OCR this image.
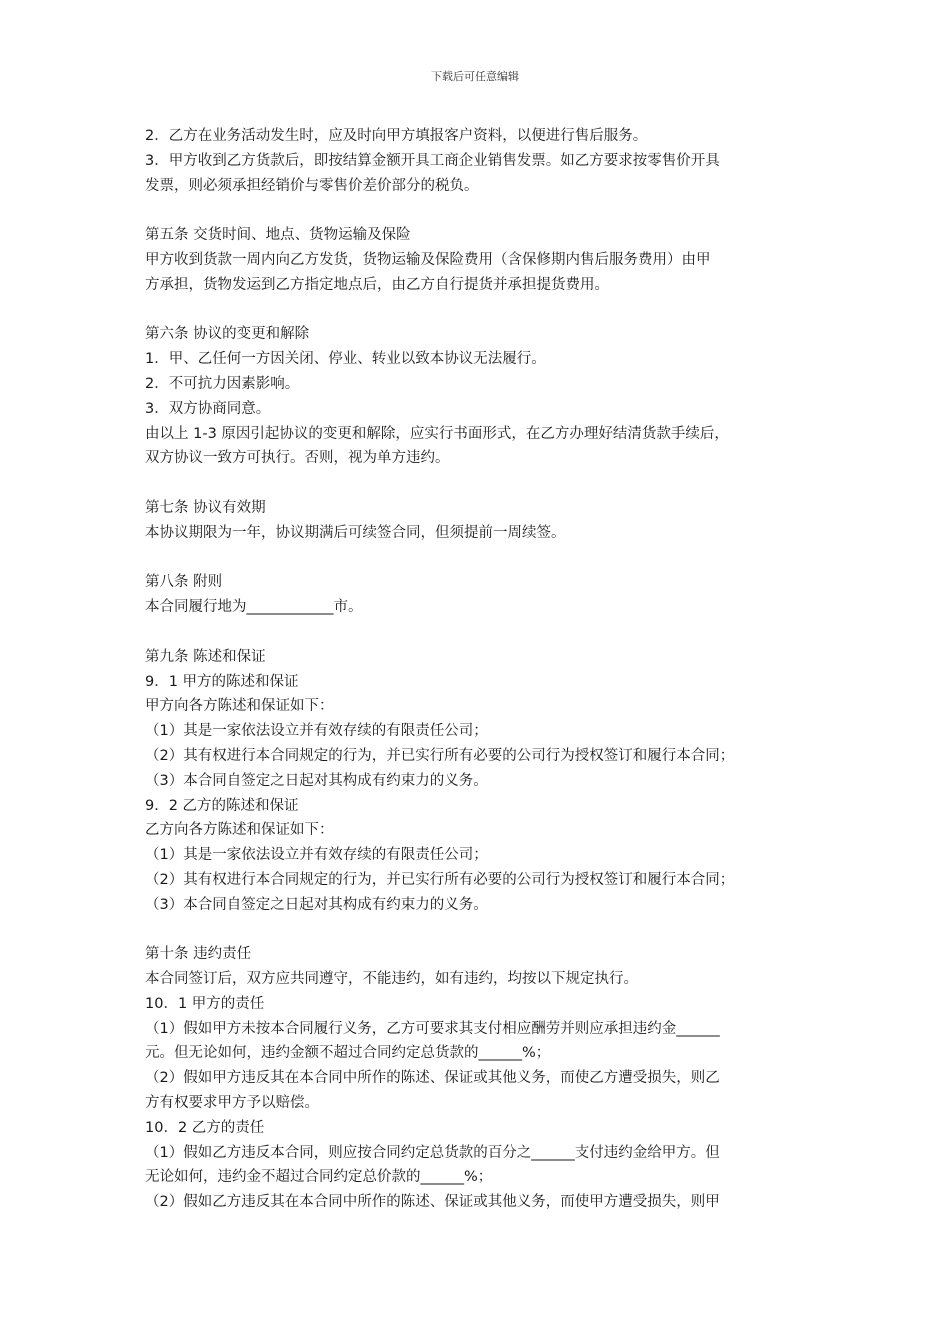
下载后可任意编辑

2．乙方在业务活动发生时，应及时向甲方填报客户资料，以便进行售后服务。

3．甲方收到乙方货款后，即按结算金额开具工商企业销售发票。如乙方要求按零售价开具

发票，则必须承担经销价与零售价差价部分的税负。

第五条 交货时间、地点、货物运输及保险

甲方收到货款一周内向乙方发货，货物运输及保险费用（含保修期内售后服务费用）由甲

方承担，货物发运到乙方指定地点后，由乙方自行提货并承担提货费用。

第六条 协议的变更和解除

1．甲、乙任何一方因关闭、停业、转业以致本协议无法履行。

2．不可抗力因素影响。

3．双方协商同意。

由以上 1-3 原因引起协议的变更和解除，应实行书面形式，在乙方办理好结清货款手续后，

双方协议一致方可执行。否则，视为单方违约。

第七条 协议有效期

本协议期限为一年，协议期满后可续签合同，但须提前一周续签。

第八条 附则

本合同履行地为____________市。

第九条 陈述和保证

9．1 甲方的陈述和保证

甲方向各方陈述和保证如下：

（1）其是一家依法设立并有效存续的有限责任公司；

（2）其有权进行本合同规定的行为，并已实行所有必要的公司行为授权签订和履行本合同；

（3）本合同自签定之日起对其构成有约束力的义务。

9．2 乙方的陈述和保证

乙方向各方陈述和保证如下：

（1）其是一家依法设立并有效存续的有限责任公司；

（2）其有权进行本合同规定的行为，并已实行所有必要的公司行为授权签订和履行本合同；

（3）本合同自签定之日起对其构成有约束力的义务。

第十条 违约责任

本合同签订后，双方应共同遵守，不能违约，如有违约，均按以下规定执行。

10．1 甲方的责任

（1）假如甲方未按本合同履行义务，乙方可要求其支付相应酬劳并则应承担违约金______

元。但无论如何，违约金额不超过合同约定总货款的______%；

（2）假如甲方违反其在本合同中所作的陈述、保证或其他义务，而使乙方遭受损失，则乙

方有权要求甲方予以赔偿。

10．2 乙方的责任

（1）假如乙方违反本合同，则应按合同约定总货款的百分之______支付违约金给甲方。但

无论如何，违约金不超过合同约定总价款的______%；

（2）假如乙方违反其在本合同中所作的陈述、保证或其他义务，而使甲方遭受损失，则甲
